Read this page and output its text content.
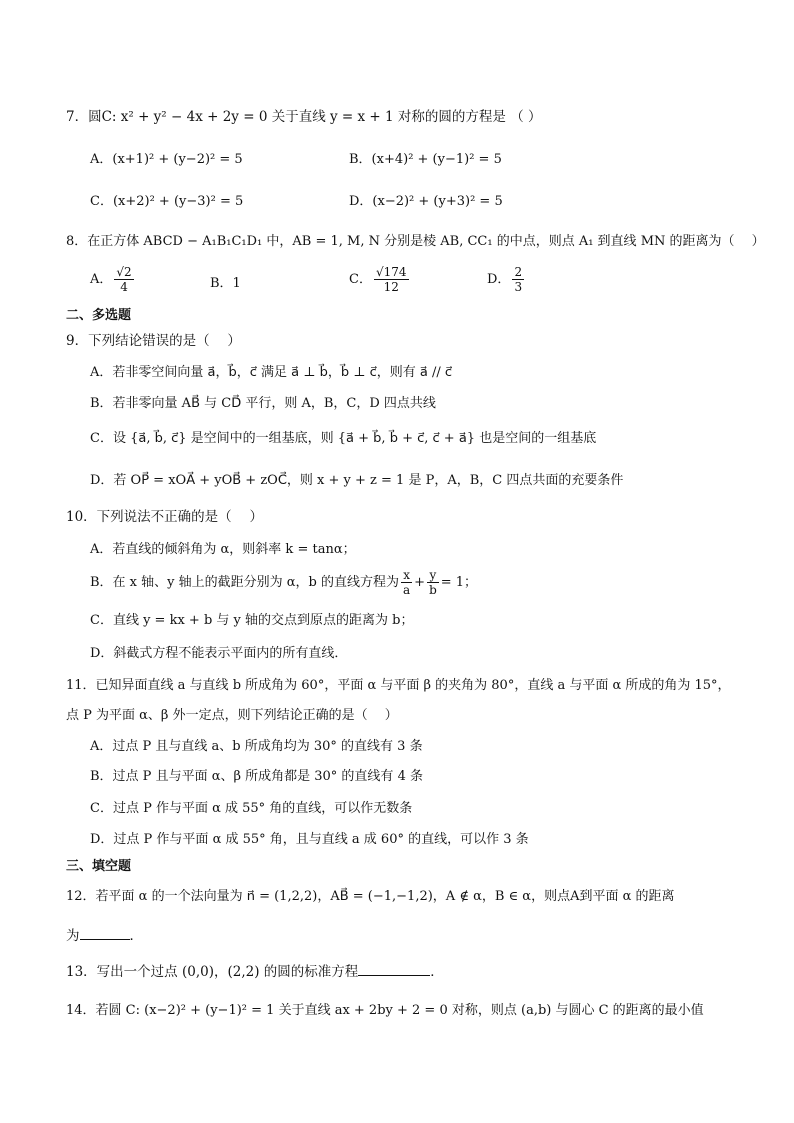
7．圆C: x² + y² − 4x + 2y = 0 关于直线 y = x + 1 对称的圆的方程是 （ ）
A．(x+1)² + (y−2)² = 5	B．(x+4)² + (y−1)² = 5
C．(x+2)² + (y−3)² = 5	D．(x−2)² + (y+3)² = 5
8．在正方体 ABCD − A₁B₁C₁D₁ 中，AB = 1, M, N 分别是棱 AB, CC₁ 的中点，则点 A₁ 到直线 MN 的距离为（　 ）
A． $\frac{√2}{4}$	B．1	C． $\frac{√174}{12}$	D． $\frac{2}{3}$
二、多选题
9．下列结论错误的是（　 ）
A．若非零空间向量 a⃗，b⃗，c⃗ 满足 a⃗ ⊥ b⃗，b⃗ ⊥ c⃗，则有 a⃗ // c⃗
B．若非零向量 AB⃗ 与 CD⃗ 平行，则 A，B，C，D 四点共线
C．设 {a⃗, b⃗, c⃗} 是空间中的一组基底，则 {a⃗ + b⃗, b⃗ + c⃗, c⃗ + a⃗} 也是空间的一组基底
D．若 OP⃗ = xOA⃗ + yOB⃗ + zOC⃗，则 x + y + z = 1 是 P，A，B，C 四点共面的充要条件
10．下列说法不正确的是（　 ）
A．若直线的倾斜角为 α，则斜率 k = tanα；
B．在 x 轴、y 轴上的截距分别为 α，b 的直线方程为 $\frac{x}{a} + \frac{y}{b} = 1$；
C．直线 y = kx + b 与 y 轴的交点到原点的距离为 b；
D．斜截式方程不能表示平面内的所有直线．
11．已知异面直线 a 与直线 b 所成角为 60°，平面 α 与平面 β 的夹角为 80°，直线 a 与平面 α 所成的角为 15°，
点 P 为平面 α、β 外一定点，则下列结论正确的是（　 ）
A．过点 P 且与直线 a、b 所成角均为 30° 的直线有 3 条
B．过点 P 且与平面 α、β 所成角都是 30° 的直线有 4 条
C．过点 P 作与平面 α 成 55° 角的直线，可以作无数条
D．过点 P 作与平面 α 成 55° 角，且与直线 a 成 60° 的直线，可以作 3 条
三、填空题
12．若平面 α 的一个法向量为 n⃗ = (1,2,2)，AB⃗ = (−1,−1,2)，A ∉ α，B ∈ α，则点A到平面 α 的距离
为	．
13．写出一个过点 (0,0)，(2,2) 的圆的标准方程	．
14．若圆 C: (x−2)² + (y−1)² = 1 关于直线 ax + 2by + 2 = 0 对称，则点 (a,b) 与圆心 C 的距离的最小值
